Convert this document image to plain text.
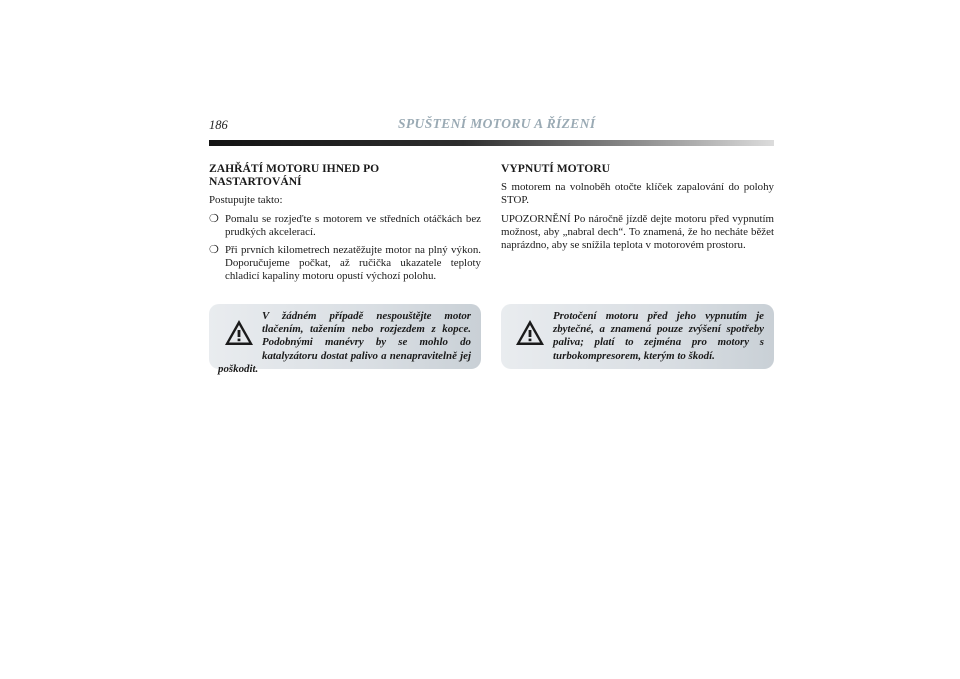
186	SPUŠTENÍ MOTORU A ŘÍZENÍ
ZAHŘÁTÍ MOTORU IHNED PO
NASTARTOVÁNÍ

Postupujte takto:

❍ Pomalu se rozjeďte s motorem ve středních otáčkách bez prudkých akcelerací.
❍ Při prvních kilometrech nezatěžujte motor na plný výkon. Doporučujeme počkat, až ručička ukazatele teploty chladicí kapaliny motoru opustí výchozí polohu.
VYPNUTÍ MOTORU

S motorem na volnoběh otočte klíček zapalování do polohy STOP.

UPOZORNĚNÍ Po náročně jízdě dejte motoru před vypnutím možnost, aby „nabral dech“. To znamená, že ho necháte běžet naprázdno, aby se snížila teplota v motorovém prostoru.

V žádném případě nespouštějte motor tlačením, tažením nebo rozjezdem z kopce. Podobnými manévry by se mohlo do katalyzátoru dostat palivo a nenapravitelně jej poškodit.
Protočení motoru před jeho vypnutím je zbytečné, a znamená pouze zvýšení spotřeby paliva; platí to zejména pro motory s turbokompresorem, kterým to škodí.
